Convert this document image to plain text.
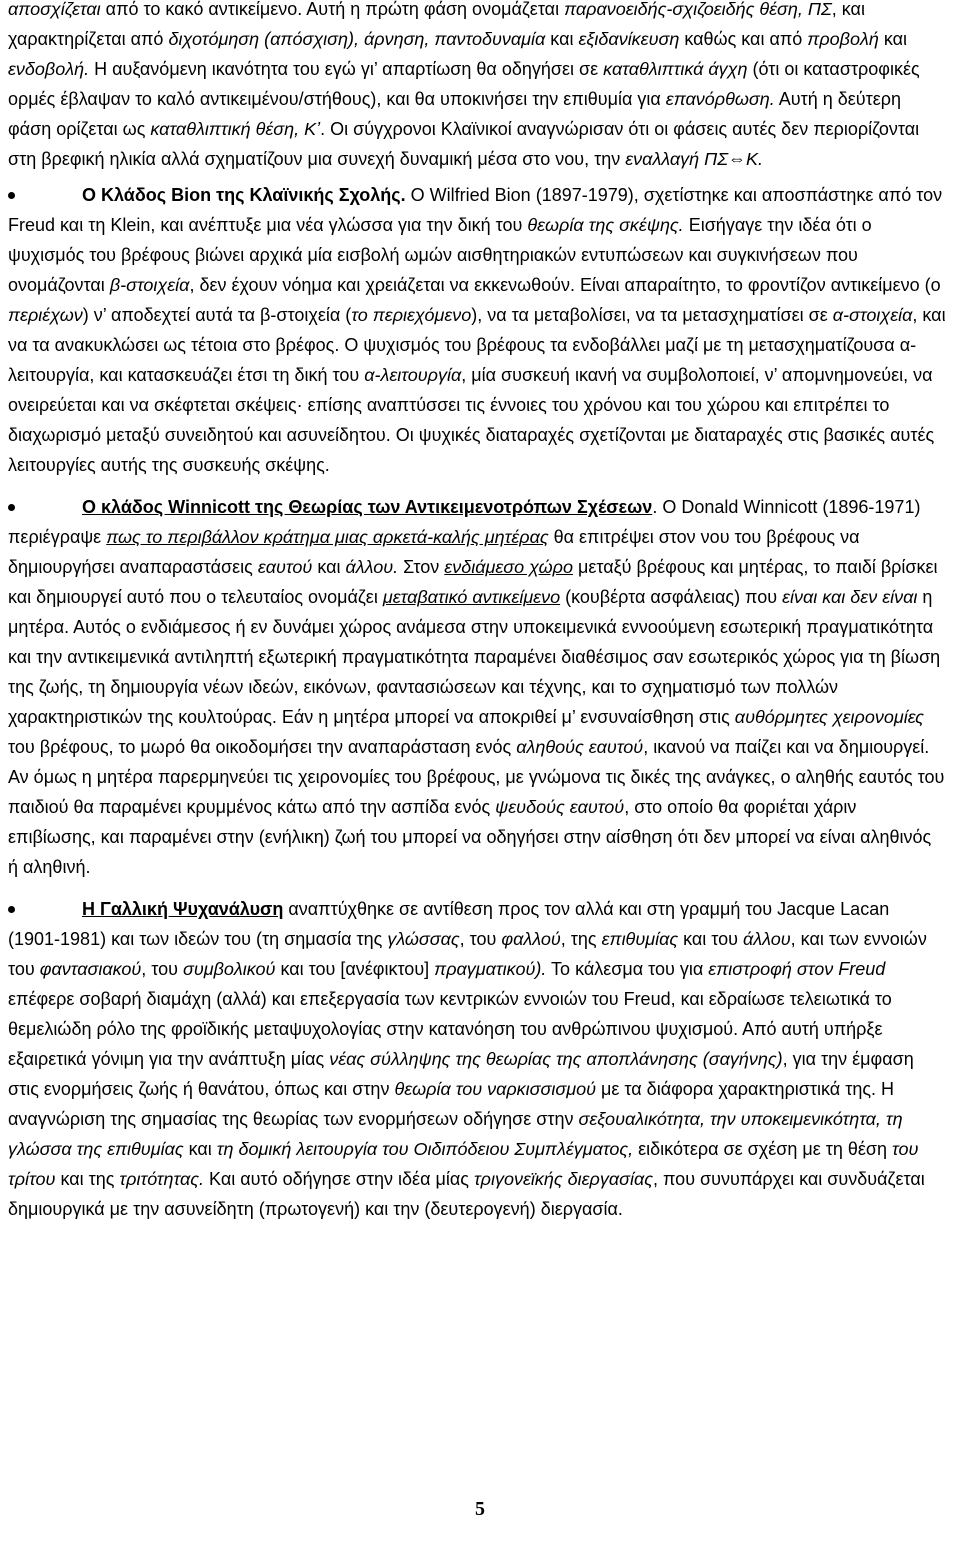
αποσχίζεται από το κακό αντικείμενο. Αυτή η πρώτη φάση ονομάζεται παρανοειδής-σχιζοειδής θέση, ΠΣ, και χαρακτηρίζεται από διχοτόμηση (απόσχιση), άρνηση, παντοδυναμία και εξιδανίκευση καθώς και από προβολή και ενδοβολή. Η αυξανόμενη ικανότητα του εγώ γι’ απαρτίωση θα οδηγήσει σε καταθλιπτικά άγχη (ότι οι καταστροφικές ορμές έβλαψαν το καλό αντικειμένου/στήθους), και θα υποκινήσει την επιθυμία για επανόρθωση. Αυτή η δεύτερη φάση ορίζεται ως καταθλιπτική θέση, Κ’. Οι σύγχρονοι Κλαϊνικοί αναγνώρισαν ότι οι φάσεις αυτές δεν περιορίζονται στη βρεφική ηλικία αλλά σχηματίζουν μια συνεχή δυναμική μέσα στο νου, την εναλλαγή ΠΣ⇔Κ.

Ο Κλάδος Bion της Κλαϊνικής Σχολής. O Wilfried Bion (1897-1979), σχετίστηκε και αποσπάστηκε από τον Freud και τη Klein, και ανέπτυξε μια νέα γλώσσα για την δική του θεωρία της σκέψης. Εισήγαγε την ιδέα ότι ο ψυχισμός του βρέφους βιώνει αρχικά μία εισβολή ωμών αισθητηριακών εντυπώσεων και συγκινήσεων που ονομάζονται β-στοιχεία, δεν έχουν νόημα και χρειάζεται να εκκενωθούν. Είναι απαραίτητο, το φροντίζον αντικείμενο (ο περιέχων) ν’ αποδεχτεί αυτά τα β-στοιχεία (το περιεχόμενο), να τα μεταβολίσει, να τα μετασχηματίσει σε α-στοιχεία, και να τα ανακυκλώσει ως τέτοια στο βρέφος. Ο ψυχισμός του βρέφους τα ενδοβάλλει μαζί με τη μετασχηματίζουσα α-λειτουργία, και κατασκευάζει έτσι τη δική του α-λειτουργία, μία συσκευή ικανή να συμβολοποιεί, ν’ απομνημονεύει, να ονειρεύεται και να σκέφτεται σκέψεις· επίσης αναπτύσσει τις έννοιες του χρόνου και του χώρου και επιτρέπει το διαχωρισμό μεταξύ συνειδητού και ασυνείδητου. Οι ψυχικές διαταραχές σχετίζονται με διαταραχές στις βασικές αυτές λειτουργίες αυτής της συσκευής σκέψης.

Ο κλάδος Winnicott της Θεωρίας των Αντικειμενοτρόπων Σχέσεων. Ο Donald Winnicott (1896-1971) περιέγραψε πως το περιβάλλον κράτημα μιας αρκετά-καλής μητέρας θα επιτρέψει στον νου του βρέφους να δημιουργήσει αναπαραστάσεις εαυτού και άλλου. Στον ενδιάμεσο χώρο μεταξύ βρέφους και μητέρας, το παιδί βρίσκει και δημιουργεί αυτό που ο τελευταίος ονομάζει μεταβατικό αντικείμενο (κουβέρτα ασφάλειας) που είναι και δεν είναι η μητέρα. Αυτός ο ενδιάμεσος ή εν δυνάμει χώρος ανάμεσα στην υποκειμενικά εννοούμενη εσωτερική πραγματικότητα και την αντικειμενικά αντιληπτή εξωτερική πραγματικότητα παραμένει διαθέσιμος σαν εσωτερικός χώρος για τη βίωση της ζωής, τη δημιουργία νέων ιδεών, εικόνων, φαντασιώσεων και τέχνης, και το σχηματισμό των πολλών χαρακτηριστικών της κουλτούρας. Εάν η μητέρα μπορεί να αποκριθεί μ’ ενσυναίσθηση στις αυθόρμητες χειρονομίες του βρέφους, το μωρό θα οικοδομήσει την αναπαράσταση ενός αληθούς εαυτού, ικανού να παίζει και να δημιουργεί. Αν όμως η μητέρα παρερμηνεύει τις χειρονομίες του βρέφους, με γνώμονα τις δικές της ανάγκες, ο αληθής εαυτός του παιδιού θα παραμένει κρυμμένος κάτω από την ασπίδα ενός ψευδούς εαυτού, στο οποίο θα φοριέται χάριν επιβίωσης, και παραμένει στην (ενήλικη) ζωή του μπορεί να οδηγήσει στην αίσθηση ότι δεν μπορεί να είναι αληθινός ή αληθινή.

Η Γαλλική Ψυχανάλυση αναπτύχθηκε σε αντίθεση προς τον αλλά και στη γραμμή του Jacque Lacan (1901-1981) και των ιδεών του (τη σημασία της γλώσσας, του φαλλού, της επιθυμίας και του άλλου, και των εννοιών του φαντασιακού, του συμβολικού και του [ανέφικτου] πραγματικού). Το κάλεσμα του για επιστροφή στον Freud επέφερε σοβαρή διαμάχη (αλλά) και επεξεργασία των κεντρικών εννοιών του Freud, και εδραίωσε τελειωτικά το θεμελιώδη ρόλο της φροϊδικής μεταψυχολογίας στην κατανόηση του ανθρώπινου ψυχισμού. Από αυτή υπήρξε εξαιρετικά γόνιμη για την ανάπτυξη μίας νέας σύλληψης της θεωρίας της αποπλάνησης (σαγήνης), για την έμφαση στις ενορμήσεις ζωής ή θανάτου, όπως και στην θεωρία του ναρκισσισμού με τα διάφορα χαρακτηριστικά της. Η αναγνώριση της σημασίας της θεωρίας των ενορμήσεων οδήγησε στην σεξουαλικότητα, την υποκειμενικότητα, τη γλώσσα της επιθυμίας και τη δομική λειτουργία του Οιδιπόδειου Συμπλέγματος, ειδικότερα σε σχέση με τη θέση του τρίτου και της τριτότητας. Και αυτό οδήγησε στην ιδέα μίας τριγονεϊκής διεργασίας, που συνυπάρχει και συνδυάζεται δημιουργικά με την ασυνείδητη (πρωτογενή) και την (δευτερογενή) διεργασία.

5
